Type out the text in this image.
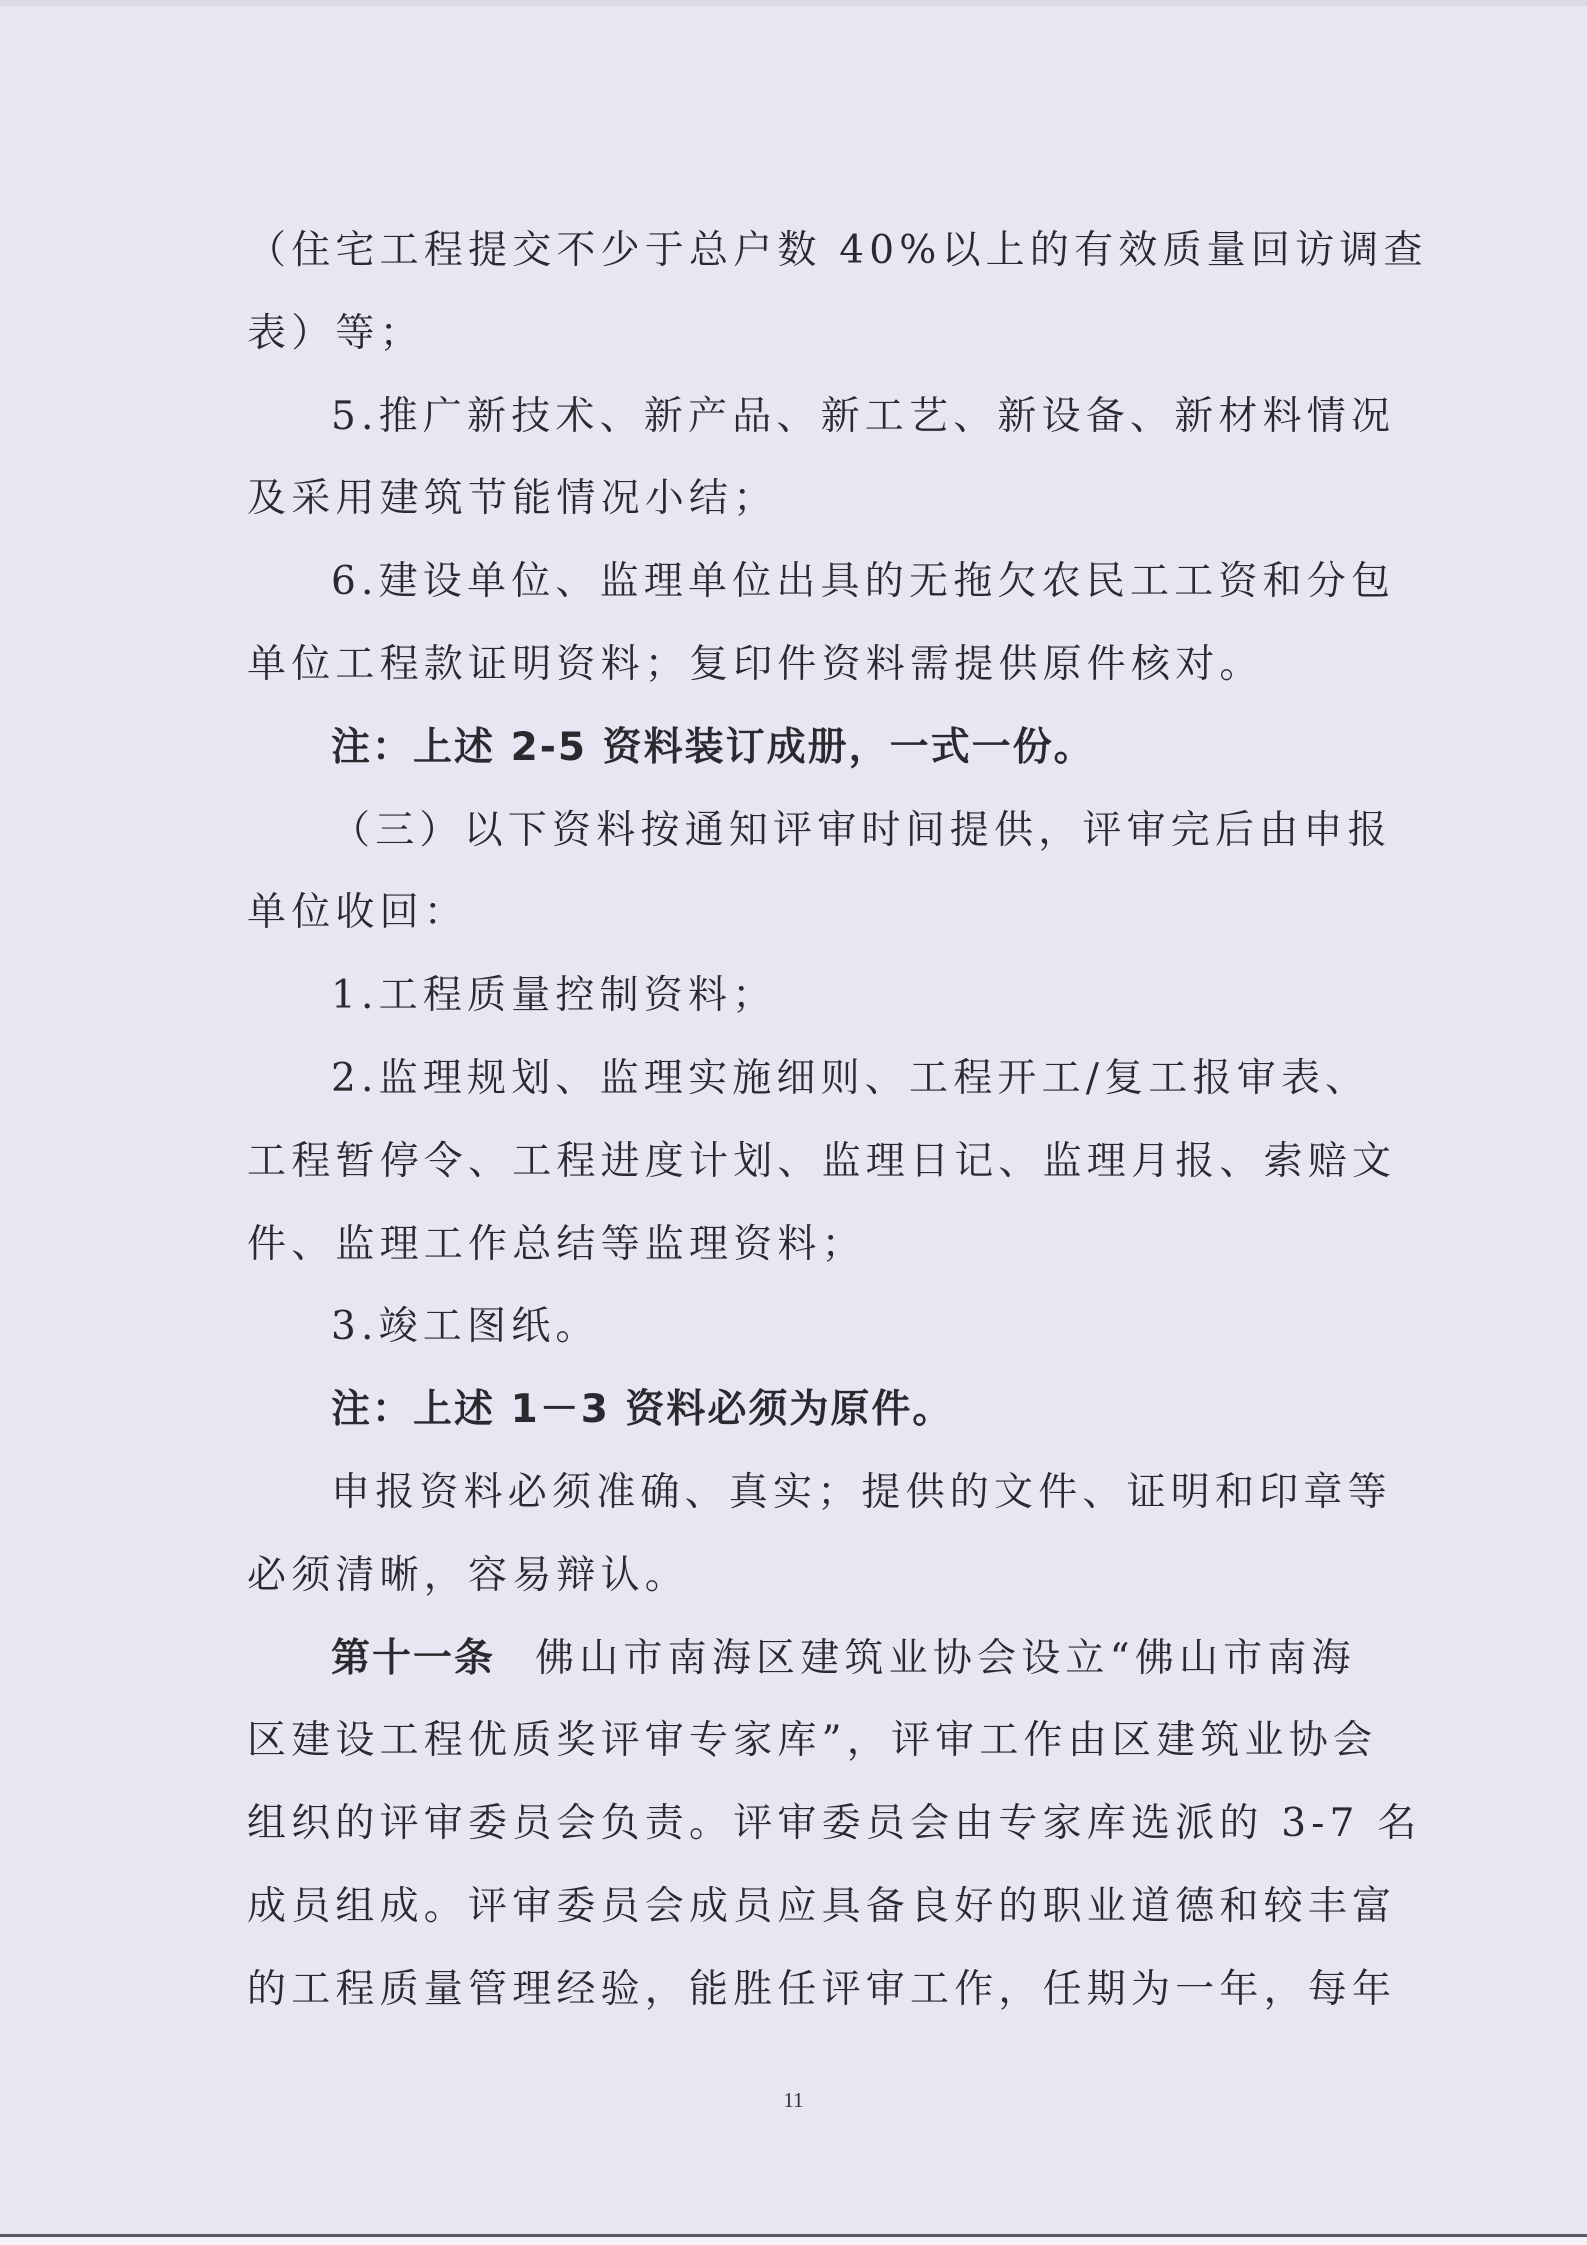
（住宅工程提交不少于总户数 40%以上的有效质量回访调查
表）等；
5.推广新技术、新产品、新工艺、新设备、新材料情况
及采用建筑节能情况小结；
6.建设单位、监理单位出具的无拖欠农民工工资和分包
单位工程款证明资料；复印件资料需提供原件核对。
注：上述 2-5 资料装订成册，一式一份。
（三）以下资料按通知评审时间提供，评审完后由申报
单位收回：
1.工程质量控制资料；
2.监理规划、监理实施细则、工程开工/复工报审表、
工程暂停令、工程进度计划、监理日记、监理月报、索赔文
件、监理工作总结等监理资料；
3.竣工图纸。
注：上述 1－3 资料必须为原件。
申报资料必须准确、真实；提供的文件、证明和印章等
必须清晰，容易辩认。
第十一条 佛山市南海区建筑业协会设立“佛山市南海
区建设工程优质奖评审专家库”，评审工作由区建筑业协会
组织的评审委员会负责。评审委员会由专家库选派的 3-7 名
成员组成。评审委员会成员应具备良好的职业道德和较丰富
的工程质量管理经验，能胜任评审工作，任期为一年，每年
11
